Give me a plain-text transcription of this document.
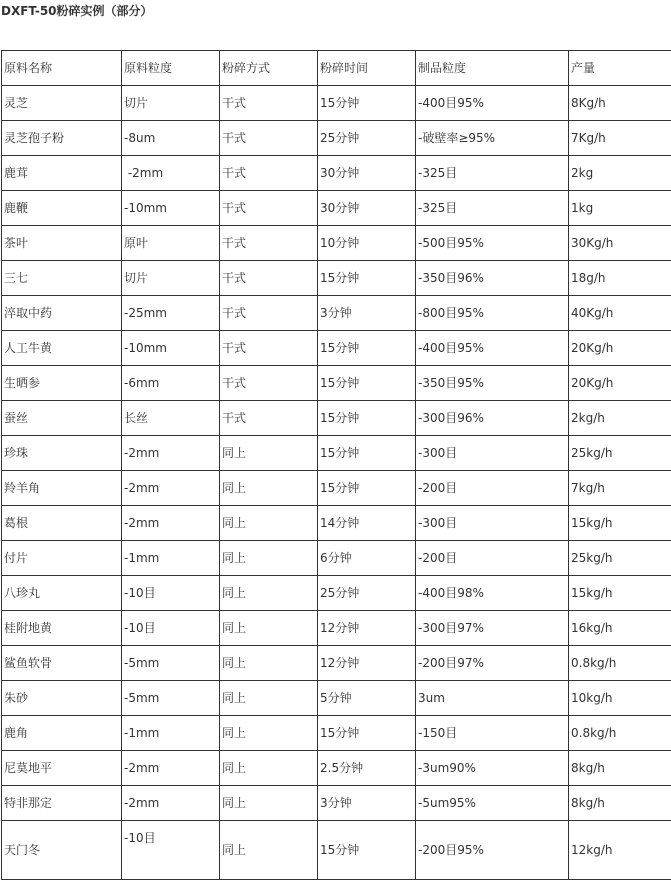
DXFT-50粉碎实例（部分）
原料名称	原料粒度	粉碎方式	粉碎时间	制品粒度	产量
灵芝	切片	干式	15分钟	-400目95%	8Kg/h
灵芝孢子粉	-8um	干式	25分钟	-破壁率≥95%	7Kg/h
鹿茸	-2mm	干式	30分钟	-325目	2kg
鹿鞭	-10mm	干式	30分钟	-325目	1kg
茶叶	原叶	干式	10分钟	-500目95%	30Kg/h
三七	切片	干式	15分钟	-350目96%	18g/h
淬取中药	-25mm	干式	3分钟	-800目95%	40Kg/h
人工牛黄	-10mm	干式	15分钟	-400目95%	20Kg/h
生晒参	-6mm	干式	15分钟	-350目95%	20Kg/h
蚕丝	长丝	干式	15分钟	-300目96%	2kg/h
珍珠	-2mm	同上	15分钟	-300目	25kg/h
羚羊角	-2mm	同上	15分钟	-200目	7kg/h
葛根	-2mm	同上	14分钟	-300目	15kg/h
付片	-1mm	同上	6分钟	-200目	25kg/h
八珍丸	-10目	同上	25分钟	-400目98%	15kg/h
桂附地黄	-10目	同上	12分钟	-300目97%	16kg/h
鲨鱼软骨	-5mm	同上	12分钟	-200目97%	0.8kg/h
朱砂	-5mm	同上	5分钟	3um	10kg/h
鹿角	-1mm	同上	15分钟	-150目	0.8kg/h
尼莫地平	-2mm	同上	2.5分钟	-3um90%	8kg/h
特非那定	-2mm	同上	3分钟	-5um95%	8kg/h
天门冬	-10目	同上	15分钟	-200目95%	12kg/h
